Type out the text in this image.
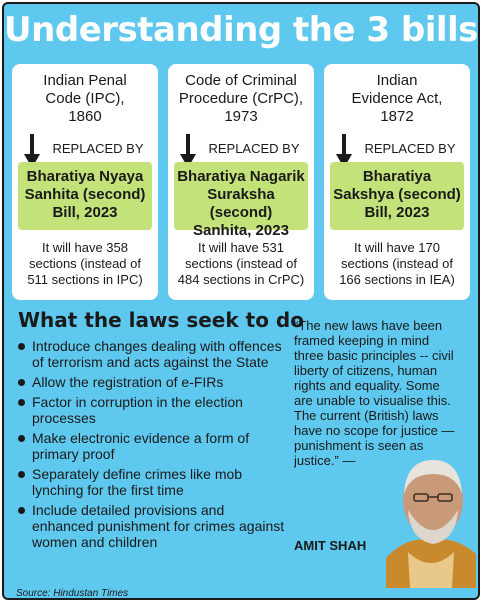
Understanding the 3 bills
Indian Penal
Code (IPC),
1860
REPLACED BY
Bharatiya Nyaya
Sanhita (second)
Bill, 2023
It will have 358
sections (instead of
511 sections in IPC)
Code of Criminal
Procedure (CrPC),
1973
REPLACED BY
Bharatiya Nagarik
Suraksha (second)
Sanhita, 2023
It will have 531
sections (instead of
484 sections in CrPC)
Indian
Evidence Act,
1872
REPLACED BY
Bharatiya
Sakshya (second)
Bill, 2023
It will have 170
sections (instead of
166 sections in IEA)
What the laws seek to do
Introduce changes dealing with offences of terrorism and acts against the State
Allow the registration of e-FIRs
Factor in corruption in the election processes
Make electronic evidence a form of primary proof
Separately define crimes like mob lynching for the first time
Include detailed provisions and enhanced punishment for crimes against women and children
“The new laws have been framed keeping in mind three basic principles -- civil liberty of citizens, human rights and equality. Some are unable to visualise this. The current (British) laws have no scope for justice — punishment is seen as justice.” —
AMIT SHAH
Source: Hindustan Times
